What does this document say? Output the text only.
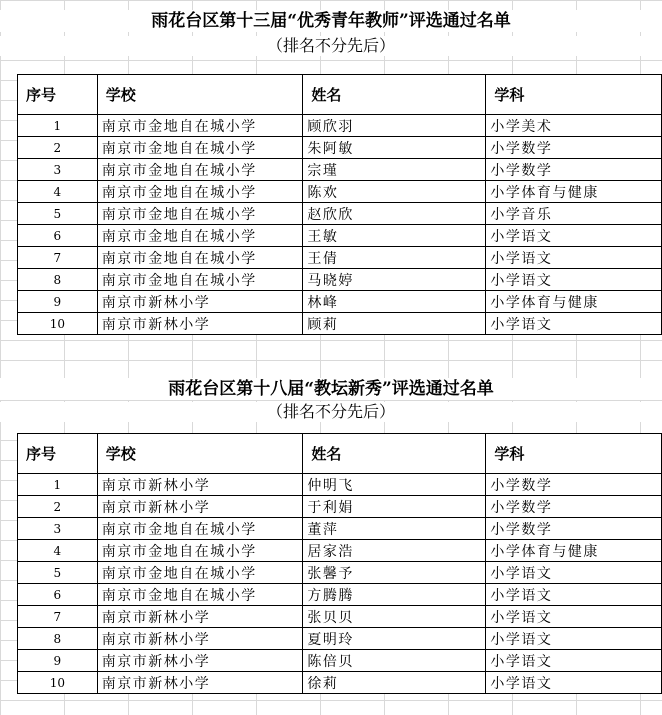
雨花台区第十三届“优秀青年教师”评选通过名单
（排名不分先后）
序号	学校	姓名	学科
1	南京市金地自在城小学	顾欣羽	小学美术
2	南京市金地自在城小学	朱阿敏	小学数学
3	南京市金地自在城小学	宗瑾	小学数学
4	南京市金地自在城小学	陈欢	小学体育与健康
5	南京市金地自在城小学	赵欣欣	小学音乐
6	南京市金地自在城小学	王敏	小学语文
7	南京市金地自在城小学	王倩	小学语文
8	南京市金地自在城小学	马晓婷	小学语文
9	南京市新林小学	林峰	小学体育与健康
10	南京市新林小学	顾莉	小学语文
雨花台区第十八届“教坛新秀”评选通过名单
（排名不分先后）
序号	学校	姓名	学科
1	南京市新林小学	仲明飞	小学数学
2	南京市新林小学	于利娟	小学数学
3	南京市金地自在城小学	董萍	小学数学
4	南京市金地自在城小学	居家浩	小学体育与健康
5	南京市金地自在城小学	张馨予	小学语文
6	南京市金地自在城小学	方腾腾	小学语文
7	南京市新林小学	张贝贝	小学语文
8	南京市新林小学	夏明玲	小学语文
9	南京市新林小学	陈倍贝	小学语文
10	南京市新林小学	徐莉	小学语文
